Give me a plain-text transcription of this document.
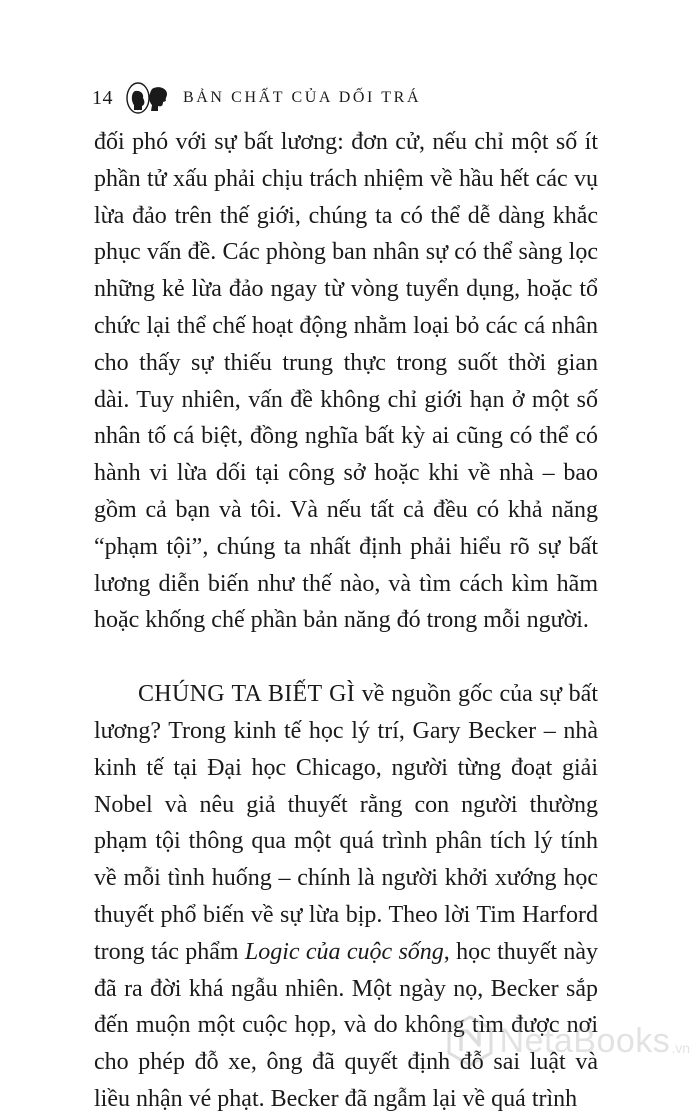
14	BẢN CHẤT CỦA DỐI TRÁ

đối phó với sự bất lương: đơn cử, nếu chỉ một số ít phần tử xấu phải chịu trách nhiệm về hầu hết các vụ lừa đảo trên thế giới, chúng ta có thể dễ dàng khắc phục vấn đề. Các phòng ban nhân sự có thể sàng lọc những kẻ lừa đảo ngay từ vòng tuyển dụng, hoặc tổ chức lại thể chế hoạt động nhằm loại bỏ các cá nhân cho thấy sự thiếu trung thực trong suốt thời gian dài. Tuy nhiên, vấn đề không chỉ giới hạn ở một số nhân tố cá biệt, đồng nghĩa bất kỳ ai cũng có thể có hành vi lừa dối tại công sở hoặc khi về nhà – bao gồm cả bạn và tôi. Và nếu tất cả đều có khả năng “phạm tội”, chúng ta nhất định phải hiểu rõ sự bất lương diễn biến như thế nào, và tìm cách kìm hãm hoặc khống chế phần bản năng đó trong mỗi người.

CHÚNG TA BIẾT GÌ về nguồn gốc của sự bất lương? Trong kinh tế học lý trí, Gary Becker – nhà kinh tế tại Đại học Chicago, người từng đoạt giải Nobel và nêu giả thuyết rằng con người thường phạm tội thông qua một quá trình phân tích lý tính về mỗi tình huống – chính là người khởi xướng học thuyết phổ biến về sự lừa bịp. Theo lời Tim Harford trong tác phẩm Logic của cuộc sống, học thuyết này đã ra đời khá ngẫu nhiên. Một ngày nọ, Becker sắp đến muộn một cuộc họp, và do không tìm được nơi cho phép đỗ xe, ông đã quyết định đỗ sai luật và liều nhận vé phạt. Becker đã ngẫm lại về quá trình

NetaBooks .vn
